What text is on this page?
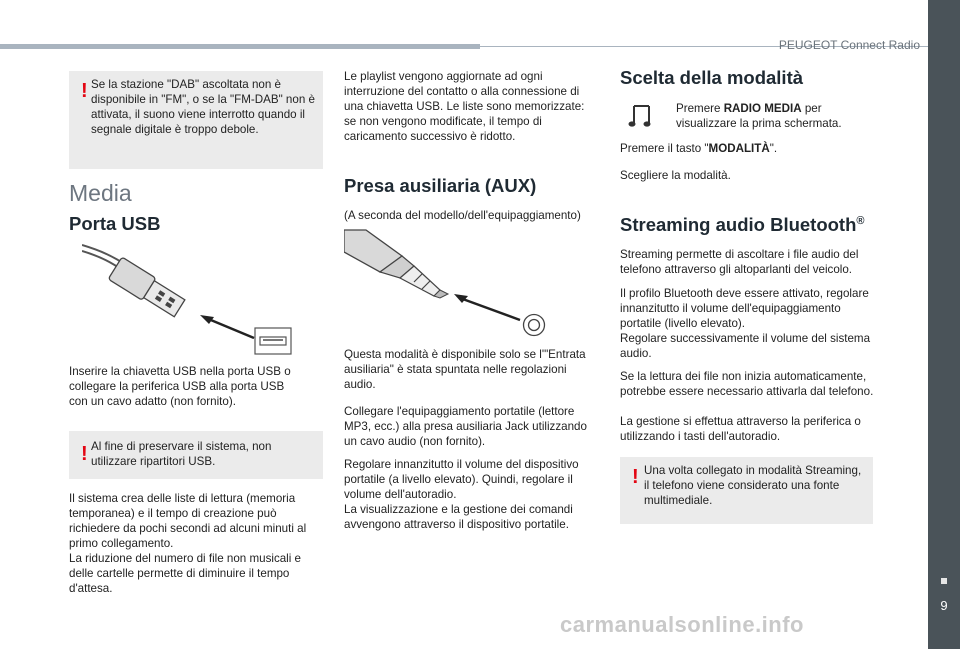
PEUGEOT Connect Radio
9
! Se la stazione "DAB" ascoltata non è disponibile in "FM", o se la "FM-DAB" non è attivata, il suono viene interrotto quando il segnale digitale è troppo debole.
Media
Porta USB
Inserire la chiavetta USB nella porta USB o collegare la periferica USB alla porta USB con un cavo adatto (non fornito).
! Al fine di preservare il sistema, non utilizzare ripartitori USB.
Il sistema crea delle liste di lettura (memoria temporanea) e il tempo di creazione può richiedere da pochi secondi ad alcuni minuti al primo collegamento.
La riduzione del numero di file non musicali e delle cartelle permette di diminuire il tempo d'attesa.
Le playlist vengono aggiornate ad ogni interruzione del contatto o alla connessione di una chiavetta USB. Le liste sono memorizzate: se non vengono modificate, il tempo di caricamento successivo è ridotto.
Presa ausiliaria (AUX)
(A seconda del modello/dell'equipaggiamento)
Questa modalità è disponibile solo se l'"Entrata ausiliaria" è stata spuntata nelle regolazioni audio.
Collegare l'equipaggiamento portatile (lettore MP3, ecc.) alla presa ausiliaria Jack utilizzando un cavo audio (non fornito).
Regolare innanzitutto il volume del dispositivo portatile (a livello elevato). Quindi, regolare il volume dell'autoradio.
La visualizzazione e la gestione dei comandi avvengono attraverso il dispositivo portatile.
Scelta della modalità
Premere RADIO MEDIA per visualizzare la prima schermata.
Premere il tasto "MODALITÀ".
Scegliere la modalità.
Streaming audio Bluetooth®
Streaming permette di ascoltare i file audio del telefono attraverso gli altoparlanti del veicolo.
Il profilo Bluetooth deve essere attivato, regolare innanzitutto il volume dell'equipaggiamento portatile (livello elevato).
Regolare successivamente il volume del sistema audio.
Se la lettura dei file non inizia automaticamente, potrebbe essere necessario attivarla dal telefono.
La gestione si effettua attraverso la periferica o utilizzando i tasti dell'autoradio.
! Una volta collegato in modalità Streaming, il telefono viene considerato una fonte multimediale.
carmanualsonline.info
